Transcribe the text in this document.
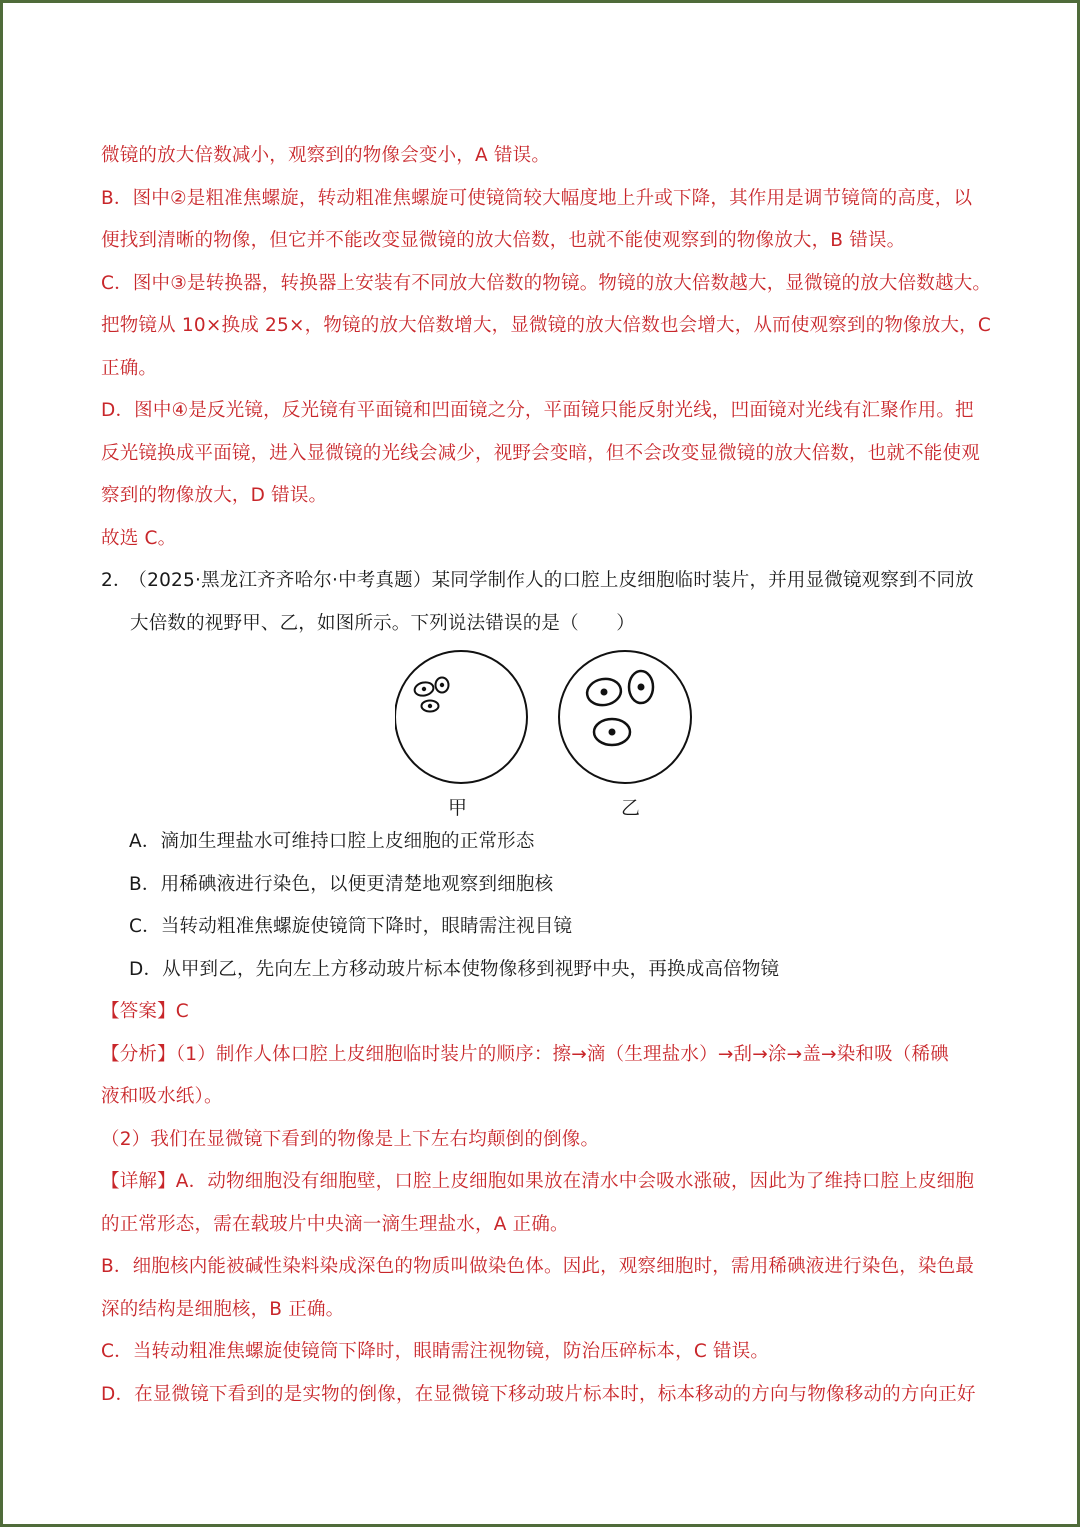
微镜的放大倍数减小，观察到的物像会变小，A 错误。
B．图中②是粗准焦螺旋，转动粗准焦螺旋可使镜筒较大幅度地上升或下降，其作用是调节镜筒的高度，以
便找到清晰的物像，但它并不能改变显微镜的放大倍数，也就不能使观察到的物像放大，B 错误。
C．图中③是转换器，转换器上安装有不同放大倍数的物镜。物镜的放大倍数越大，显微镜的放大倍数越大。
把物镜从 10×换成 25×，物镜的放大倍数增大，显微镜的放大倍数也会增大，从而使观察到的物像放大，C
正确。
D．图中④是反光镜，反光镜有平面镜和凹面镜之分，平面镜只能反射光线，凹面镜对光线有汇聚作用。把
反光镜换成平面镜，进入显微镜的光线会减少，视野会变暗，但不会改变显微镜的放大倍数，也就不能使观
察到的物像放大，D 错误。
故选 C。
2． （2025·黑龙江齐齐哈尔·中考真题）某同学制作人的口腔上皮细胞临时装片，并用显微镜观察到不同放
大倍数的视野甲、乙，如图所示。下列说法错误的是（　　）
甲	乙
A．滴加生理盐水可维持口腔上皮细胞的正常形态
B．用稀碘液进行染色，以便更清楚地观察到细胞核
C．当转动粗准焦螺旋使镜筒下降时，眼睛需注视目镜
D．从甲到乙，先向左上方移动玻片标本使物像移到视野中央，再换成高倍物镜
【答案】C
【分析】（1）制作人体口腔上皮细胞临时装片的顺序：擦→滴（生理盐水）→刮→涂→盖→染和吸（稀碘
液和吸水纸）。
（2）我们在显微镜下看到的物像是上下左右均颠倒的倒像。
【详解】A．动物细胞没有细胞壁，口腔上皮细胞如果放在清水中会吸水涨破，因此为了维持口腔上皮细胞
的正常形态，需在载玻片中央滴一滴生理盐水，A 正确。
B．细胞核内能被碱性染料染成深色的物质叫做染色体。因此，观察细胞时，需用稀碘液进行染色，染色最
深的结构是细胞核，B 正确。
C．当转动粗准焦螺旋使镜筒下降时，眼睛需注视物镜，防治压碎标本，C 错误。
D．在显微镜下看到的是实物的倒像，在显微镜下移动玻片标本时，标本移动的方向与物像移动的方向正好
